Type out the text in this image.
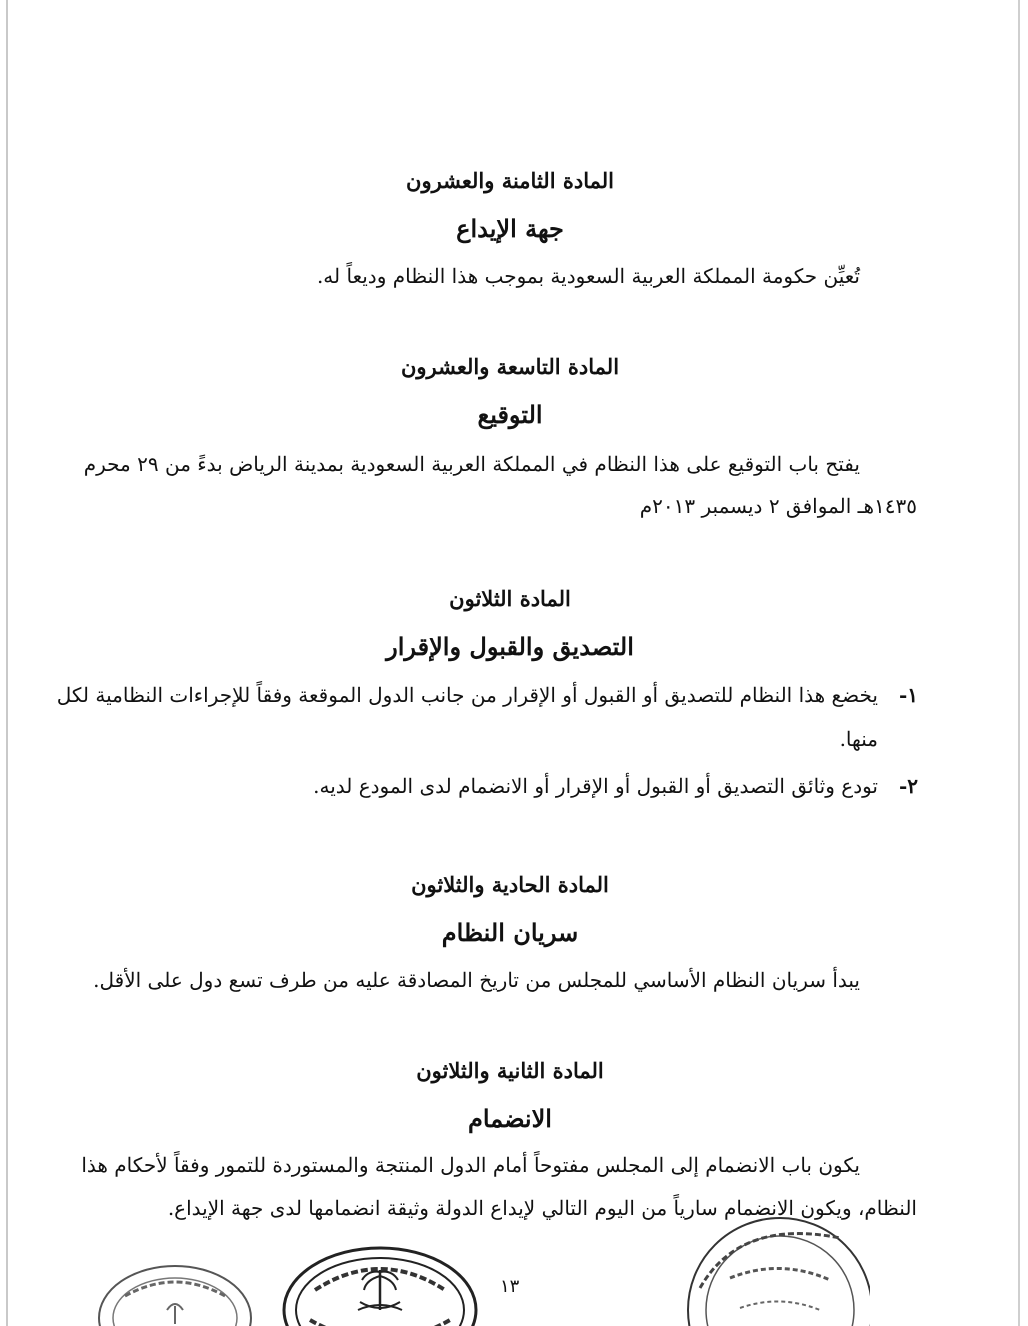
المادة الثامنة والعشرون
جهة الإيداع
تُعيِّن حكومة المملكة العربية السعودية بموجب هذا النظام وديعاً له.
المادة التاسعة والعشرون
التوقيع
يفتح باب التوقيع على هذا النظام في المملكة العربية السعودية بمدينة الرياض بدءً من ٢٩ محرم
١٤٣٥هـ الموافق ٢ ديسمبر ٢٠١٣م
المادة الثلاثون
التصديق والقبول والإقرار
١-
يخضع هذا النظام للتصديق أو القبول أو الإقرار من جانب الدول الموقعة وفقاً للإجراءات النظامية لكل
منها.
٢-
تودع وثائق التصديق أو القبول أو الإقرار أو الانضمام لدى المودع لديه.
المادة الحادية والثلاثون
سريان النظام
يبدأ سريان النظام الأساسي للمجلس من تاريخ المصادقة عليه من طرف تسع دول على الأقل.
المادة الثانية والثلاثون
الانضمام
يكون باب الانضمام إلى المجلس مفتوحاً أمام الدول المنتجة والمستوردة للتمور وفقاً لأحكام هذا
النظام، ويكون الانضمام سارياً من اليوم التالي لإيداع الدولة وثيقة انضمامها لدى جهة الإيداع.
١٣
